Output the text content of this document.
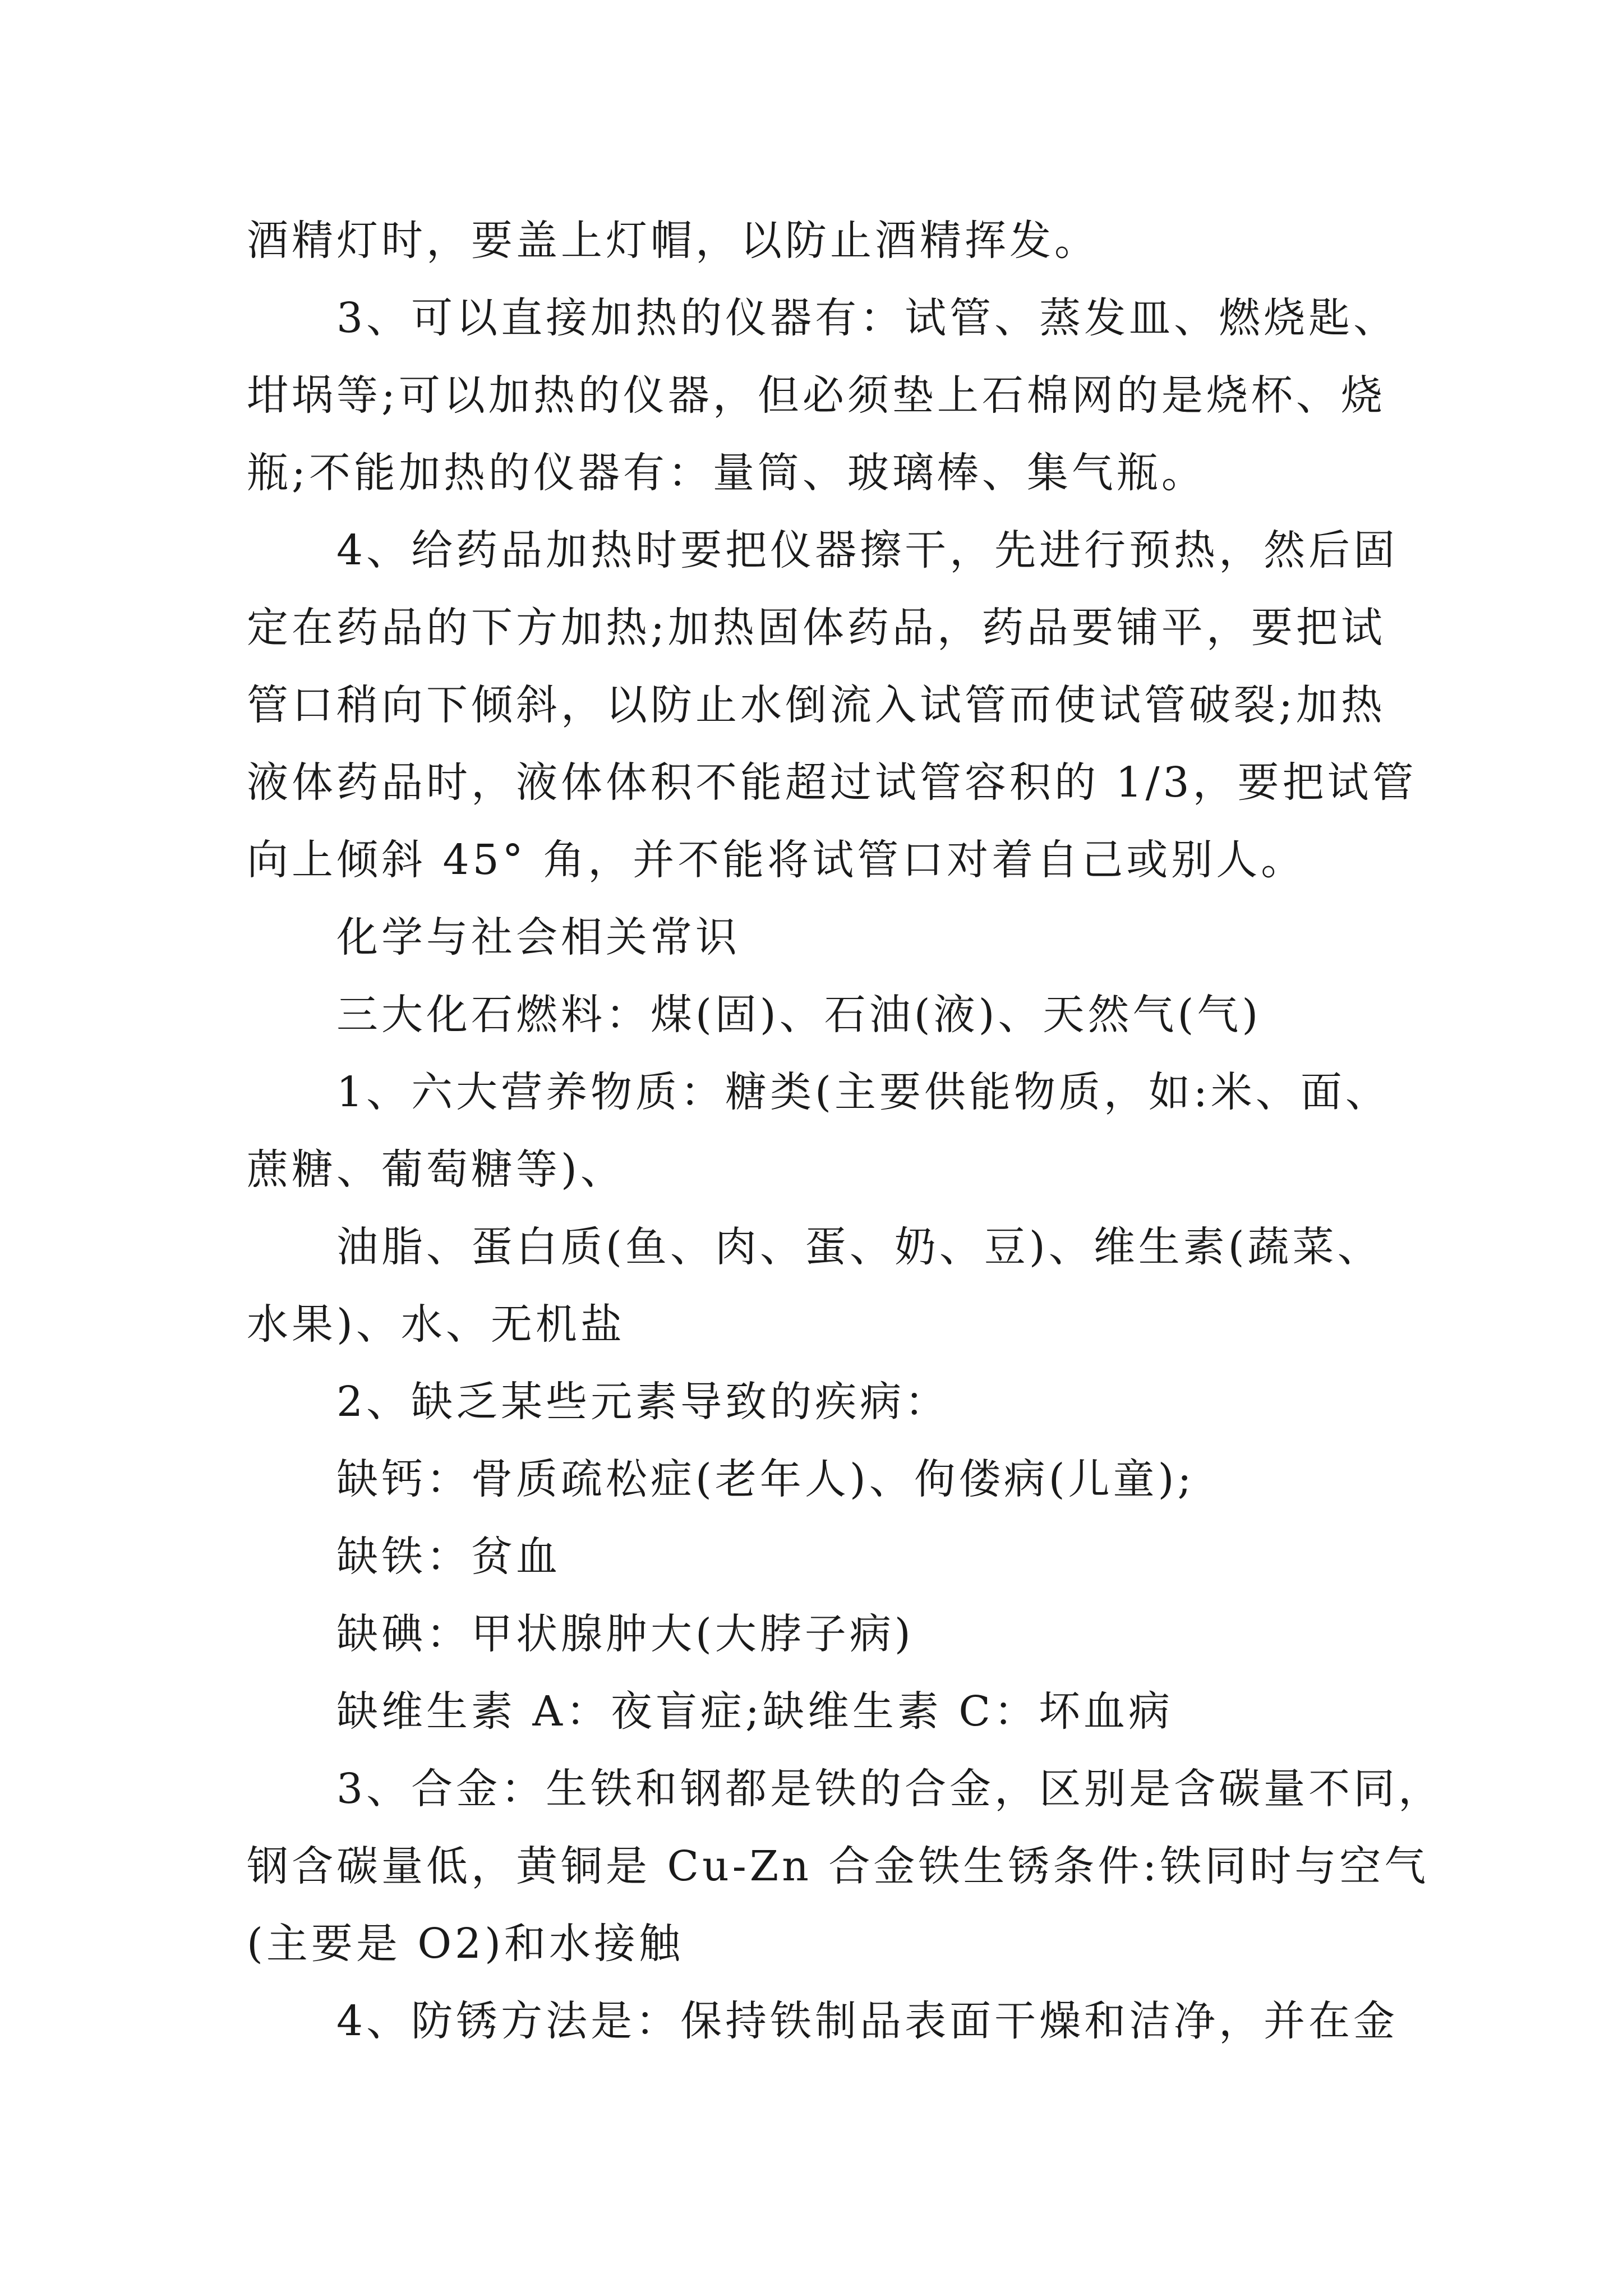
酒精灯时，要盖上灯帽，以防止酒精挥发。
3、可以直接加热的仪器有：试管、蒸发皿、燃烧匙、
坩埚等;可以加热的仪器，但必须垫上石棉网的是烧杯、烧
瓶;不能加热的仪器有：量筒、玻璃棒、集气瓶。
4、给药品加热时要把仪器擦干，先进行预热，然后固
定在药品的下方加热;加热固体药品，药品要铺平，要把试
管口稍向下倾斜，以防止水倒流入试管而使试管破裂;加热
液体药品时，液体体积不能超过试管容积的 1/3，要把试管
向上倾斜 45° 角，并不能将试管口对着自己或别人。
化学与社会相关常识
三大化石燃料：煤(固)、石油(液)、天然气(气)
1、六大营养物质：糖类(主要供能物质，如:米、面、
蔗糖、葡萄糖等)、
油脂、蛋白质(鱼、肉、蛋、奶、豆)、维生素(蔬菜、
水果)、水、无机盐
2、缺乏某些元素导致的疾病：
缺钙：骨质疏松症(老年人)、佝偻病(儿童);
缺铁：贫血
缺碘：甲状腺肿大(大脖子病)
缺维生素 A：夜盲症;缺维生素 C：坏血病
3、合金：生铁和钢都是铁的合金，区别是含碳量不同，
钢含碳量低，黄铜是 Cu-Zn 合金铁生锈条件:铁同时与空气
(主要是 O2)和水接触
4、防锈方法是：保持铁制品表面干燥和洁净，并在金
